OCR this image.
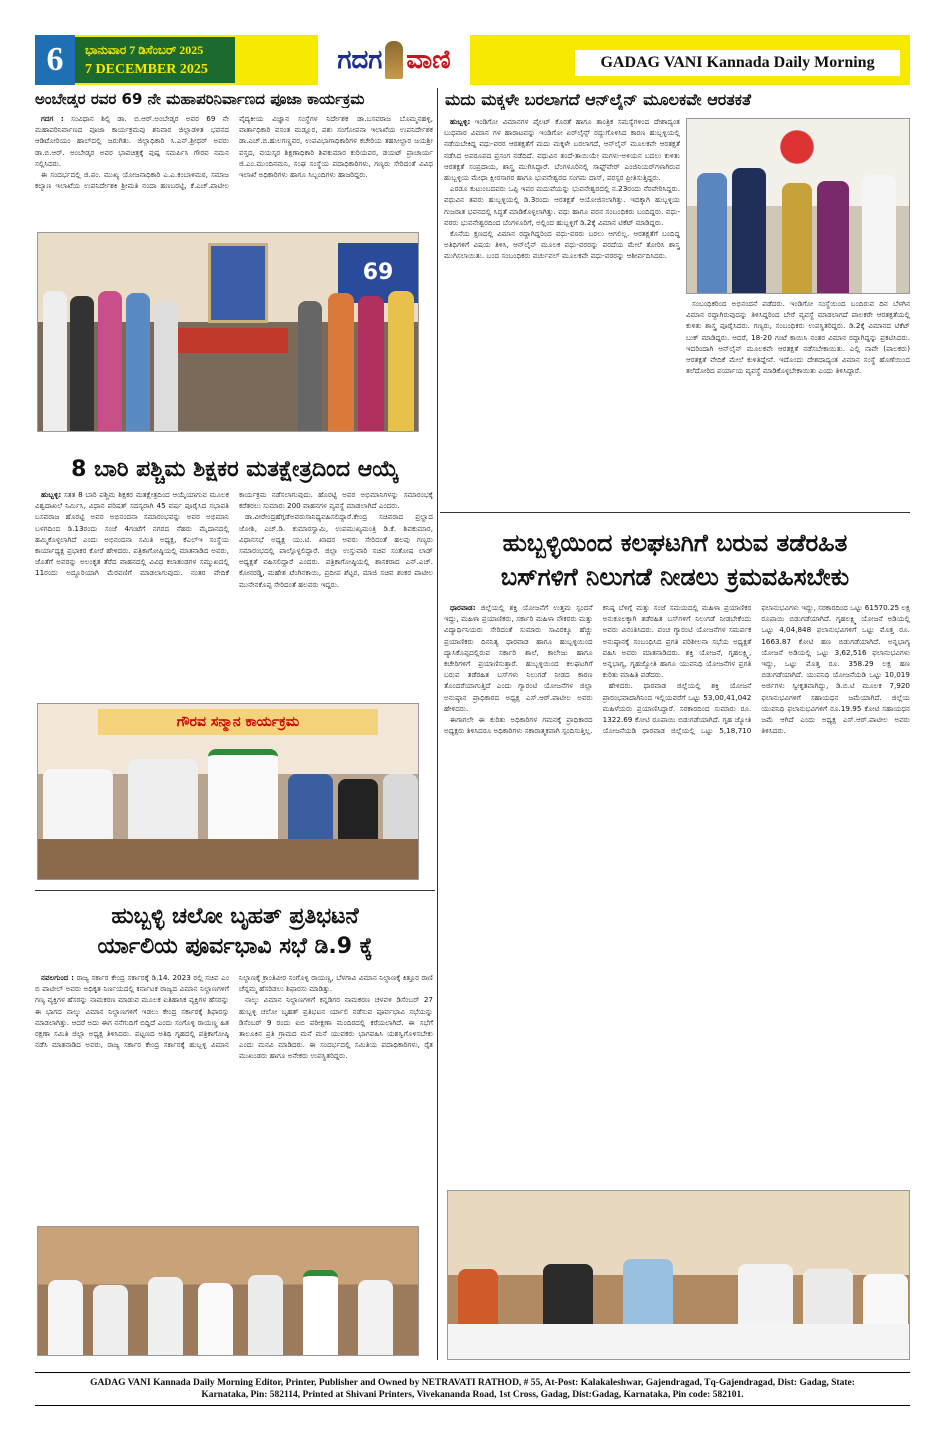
6	ಭಾನುವಾರ 7 ಡಿಸೆಂಬರ್ 2025
7 DECEMBER 2025	ಗದಗ ವಾಣಿ	GADAG VANI Kannada Daily Morning
ಅಂಬೇಡ್ಕರ ರವರ 69 ನೇ ಮಹಾಪರಿನಿರ್ವಾಣದ ಪೂಜಾ ಕಾರ್ಯಕ್ರಮ

ಗದಗ : ಸಂವಿಧಾನ ಶಿಲ್ಪಿ ಡಾ. ಬಿ.ಆರ್.ಅಂಬೇಡ್ಕರ ಅವರ 69 ನೇ ಮಹಾಪರಿನಿರ್ವಾಣದ ಪೂಜಾ ಕಾರ್ಯಕ್ರಮವು ಶನಿವಾರ ಜಿಲ್ಲಾಡಳಿತ ಭವನದ ಆಡಿಟೋರಿಯಂ ಹಾಲ್‌ದಲ್ಲಿ ಜರುಗಿತು. ಜಿಲ್ಲಾಧಿಕಾರಿ ಸಿ.ಎನ್.ಶ್ರೀಧರ್ ಅವರು ಡಾ.ಬಿ.ಆರ್. ಅಂಬೇಡ್ಕರ ಅವರ ಭಾವಚಿತ್ರಕ್ಕೆ ಪುಷ್ಪ ಸಮರ್ಪಿಸಿ ಗೌರವ ನಮನ ಸಲ್ಲಿಸಿದರು.

ಈ ಸಂದರ್ಭದಲ್ಲಿ ಜಿ.ಪಂ. ಮುಖ್ಯ ಯೋಜನಾಧಿಕಾರಿ ಎ.ಎ.ಕಂಬಾಳಿಮಠ, ಸಮಾಜ ಕಲ್ಯಾಣ ಇಲಾಖೆಯ ಉಪನಿರ್ದೇಶಕಿ ಶ್ರೀಮತಿ ನಂದಾ ಹಣಬರಟ್ಟಿ, ಕೆ.ಎಚ್.ಪಾಟೀಲ ವೈದ್ಯಕೀಯ ವಿಜ್ಞಾನ ಸಂಸ್ಥೆಗಳ ನಿರ್ದೇಶಕ ಡಾ.ಬಸವರಾಜ ಬೊಮ್ಮನಹಳ್ಳಿ, ವಾರ್ತಾಧಿಕಾರಿ ವಸಂತ ಮಡ್ಲೂರ, ಪಶು ಸಂಗೋಪನಾ ಇಲಾಖೆಯ ಉಪನಿರ್ದೇಶಕ ಡಾ.ಎಚ್.ಬಿ.ಹುಲಗಣ್ಣವರ, ಉಪವಿಭಾಗಾಧಿಕಾರಿಗಳ ಕಚೇರಿಯ ತಹಸೀಲ್ದಾರ ಜಯಶ್ರೀ ವಸ್ತದ, ವಯಸ್ಕರ ಶಿಕ್ಷಣಾಧಿಕಾರಿ ಶಿವಕುಮಾರ ಕುರಿಯವರ, ಡಯಟ್ ಪ್ರಾಚಾರ್ಯ ಜಿ.ಎಂ.ಮುಂದಿನಮನಿ, ಸಂಘ ಸಂಸ್ಥೆಯ ಪದಾಧಿಕಾರಿಗಳು, ಗಣ್ಯರು ಸೇರಿದಂತೆ ವಿವಿಧ ಇಲಾಖೆ ಅಧಿಕಾರಿಗಳು ಹಾಗೂ ಸಿಬ್ಬಂದಿಗಳು ಹಾಜರಿದ್ದರು.

69
8 ಬಾರಿ ಪಶ್ಚಿಮ ಶಿಕ್ಷಕರ ಮತಕ್ಷೇತ್ರದಿಂದ ಆಯ್ಕೆ

ಹುಬ್ಬಳ್ಳಿ: ಸತತ 8 ಬಾರಿ ಪಶ್ಚಿಮ ಶಿಕ್ಷಕರ ಮತಕ್ಷೇತ್ರದಿಂದ ಆಯ್ಕೆಯಾಗುವ ಮೂಲಕ ವಿಶ್ವದಾಖಲೆ ನಿರ್ಮಿಸಿ, ವಿಧಾನ ಪರಿಷತ್ ಸದಸ್ಯರಾಗಿ 45 ವರ್ಷ ಪೂರೈಸಿದ ಸಭಾಪತಿ ಬಸವರಾಜ ಹೊರಟ್ಟಿ ಅವರ ಅಭಿನಂದನಾ ಸಮಾರಂಭವನ್ನು ಅವರ ಅಭಿಮಾನಿ ಬಳಗದಿಂದ ಡಿ.13ರಂದು ಸಂಜೆ 4ಗಂಟೆಗೆ ನಗರದ ನೆಹರು ಮೈದಾನದಲ್ಲಿ ಹಮ್ಮಿಕೊಳ್ಳಲಾಗಿದೆ ಎಂದು ಅಭಿನಂದನಾ ಸಮಿತಿ ಅಧ್ಯಕ್ಷ, ಕೆಎಲ್‌ಇ ಸಂಸ್ಥೆಯ ಕಾರ್ಯಾಧ್ಯಕ್ಷ ಪ್ರಭಾಕರ ಕೋರೆ ಹೇಳಿದರು. ಪತ್ರಿಕಾಗೋಷ್ಠಿಯಲ್ಲಿ ಮಾತನಾಡಿದ ಅವರು, ಜೊತೆಗೆ ಅವರನ್ನು ಅಲಂಕೃತ ತೆರೆದ ವಾಹನದಲ್ಲಿ ವಿವಿಧ ಕಲಾತಂಡಗಳ ಸಮ್ಮುಖದಲ್ಲಿ 11ರಂದು ಅದ್ದೂರಿಯಾಗಿ ಮೆರವಣಿಗೆ ಮಾಡಲಾಗುವುದು. ನಂತರ ವೇದಿಕೆ ಕಾರ್ಯಕ್ರಮ ನಡೆಸಲಾಗುವುದು. ಹೊರಟ್ಟಿ ಅವರ ಅಭಿಮಾನಿಗಳನ್ನು ಸಮಾರಂಭಕ್ಕೆ ಕರೆತರಲು ಸುಮಾರು 200 ವಾಹನಗಳ ವ್ಯವಸ್ಥೆ ಮಾಡಲಾಗಿದೆ ಎಂದರು.

ಡಾ.ವೀರೇಂದ್ರಹೆಗ್ಗಡೆಅವರುಸಾನಿಧ್ಯವಹಿಸಲಿದ್ದಾರೆ.ಕೇಂದ್ರ ಸಚಿವರಾದ ಪ್ರಲ್ಹಾದ ಜೋಶಿ, ಎಚ್.ಡಿ. ಕುಮಾರಸ್ವಾಮಿ, ಉಪಮುಖ್ಯಮಂತ್ರಿ ಡಿ.ಕೆ. ಶಿವಕುಮಾರ, ವಿಧಾನಸಭೆ ಅಧ್ಯಕ್ಷ ಯು.ಟಿ. ಖಾದರ ಅವರು ಸೇರಿದಂತೆ ಹಲವು ಗಣ್ಯರು ಸಮಾರಂಭದಲ್ಲಿ ಪಾಲ್ಗೊಳ್ಳಲಿದ್ದಾರೆ. ಜಿಲ್ಲಾ ಉಸ್ತುವಾರಿ ಸಚಿವ ಸಂತೋಷ ಲಾಡ್ ಅಧ್ಯಕ್ಷತೆ ವಹಿಸಲಿದ್ದಾರೆ ಎಂದರು. ಪತ್ರಿಕಾಗೋಷ್ಠಿಯಲ್ಲಿ ಶಾಸಕರಾದ ಎನ್.ಎಚ್. ಕೋನರಡ್ಡಿ, ಮಹೇಶ ಟೆಂಗಿನಕಾಯಿ, ಪ್ರದೀಪ ಶೆಟ್ಟರ, ಮಾಜಿ ಸಚಿವ ಶಂಕರ ಪಾಟೀಲ ಮುನೇನಕೊಪ್ಪ ಸೇರಿದಂತೆ ಹಲವರು ಇದ್ದರು.

ಗೌರವ ಸನ್ಮಾನ ಕಾರ್ಯಕ್ರಮ
ಹುಬ್ಬಳ್ಳಿ ಚಲೋ ಬೃಹತ್ ಪ್ರತಿಭಟನೆ
ರ್ಯಾಲಿಯ ಪೂರ್ವಭಾವಿ ಸಭೆ ಡಿ.9 ಕ್ಕೆ

ನವಲಗುಂದ : ರಾಜ್ಯ ಸರ್ಕಾರ ಕೇಂದ್ರ ಸರ್ಕಾರಕ್ಕೆ ಡಿ.14. 2023 ರಲ್ಲಿ ಸಚಿವ ಎಂ ಬಿ ಪಾಟೀಲ್ ಅವರು ಅಧಿಕೃತ ನಿರ್ಣಯದಲ್ಲಿ ಕರ್ನಾಟಕ ರಾಜ್ಯದ ವಿಮಾನ ನಿಲ್ದಾಣಗಳಿಗೆ ಗಣ್ಯ ವ್ಯಕ್ತಿಗಳ ಹೆಸರನ್ನು ನಾಮಕರಣ ಮಾಡುವ ಮೂಲಕ ಐತಿಹಾಸಿಕ ವ್ಯಕ್ತಿಗಳ ಹೆಸರನ್ನು ಈ ಭಾಗದ ನಾಲ್ಕು ವಿಮಾನ ನಿಲ್ದಾಣಗಳಿಗೆ ಇಡಲು ಕೇಂದ್ರ ಸರ್ಕಾರಕ್ಕೆ ಶಿಫಾರಸ್ಸು ಮಾಡಲಾಗಿತ್ತು. ಆದರೆ ಅದು ಈಗ ನನೆಗುದಿಗೆ ಬಿದ್ದಿದೆ ಎಂದು ಸಂಗೊಳ್ಳಿ ರಾಯಣ್ಣ ಹಿತ ರಕ್ಷಣಾ ಸಮಿತಿ ಜಿಲ್ಲಾ ಅಧ್ಯಕ್ಷ ತಿಳಿಸಿದರು. ಪಟ್ಟಣದ ಅತಿಥಿ ಗೃಹದಲ್ಲಿ ಪತ್ರಿಕಾಗೋಷ್ಠಿ ನಡೆಸಿ ಮಾತನಾಡಿದ ಅವರು, ರಾಜ್ಯ ಸರ್ಕಾರ ಕೇಂದ್ರ ಸರ್ಕಾರಕ್ಕೆ ಹುಬ್ಬಳ್ಳಿ ವಿಮಾನ ನಿಲ್ದಾಣಕ್ಕೆ ಕ್ರಾಂತಿವೀರ ಸಂಗೊಳ್ಳಿ ರಾಯಣ್ಣ, ಬೆಳಗಾವಿ ವಿಮಾನ ನಿಲ್ದಾಣಕ್ಕೆ ಕಿತ್ತೂರ ರಾಣಿ ಚೆನ್ನಮ್ಮ ಹೆಸರಿಡಲು ಶಿಫಾರಸು ಮಾಡಿತ್ತು.

ನಾಲ್ಕು ವಿಮಾನ ನಿಲ್ದಾಣಗಳಿಗೆ ಕನ್ನಡಿಗರ ನಾಮಕರಣ ಚಳವಳಿ ಡಿಸೆಂಬರ್ 27 ಹುಬ್ಬಳ್ಳಿ ಚಲೋ ಬೃಹತ್ ಪ್ರತಿಭಟನ ರ್ಯಾಲಿ ನಡೆಸುವ ಪೂರ್ವಭಾವಿ ಸಭೆಯನ್ನು ಡಿಸೆಂಬರ್ 9 ರಂದು ಐಬಿ ಪರೀಕ್ಷಣಾ ಮಂದಿರದಲ್ಲಿ ಕರೆಯಲಾಗಿದೆ. ಈ ಸಭೆಗೆ ತಾಲೂಕಿನ ಪ್ರತಿ ಗ್ರಾಮದ ಮನೆ ಮನೆ ಯುವಕರು ಭಾಗವಹಿಸಿ ಯಶಸ್ವಿಗೊಳಿಸಬೇಕು ಎಂದು ಮನವಿ ಮಾಡಿದರು. ಈ ಸಂದರ್ಭದಲ್ಲಿ ಸಮಿತಿಯ ಪದಾಧಿಕಾರಿಗಳು, ರೈತ ಮುಖಂಡರು ಹಾಗೂ ಅನೇಕರು ಉಪಸ್ಥಿತರಿದ್ದರು.

ಮದು ಮಕ್ಕಳೇ ಬರಲಾಗದೆ ಆನ್‌ಲೈನ್ ಮೂಲಕವೇ ಆರತಕತೆ

ಹುಬ್ಬಳ್ಳಿ: ಇಂಡಿಗೋ ವಿಮಾನಗಳ ಪೈಲಟ್ ಕೊರತೆ ಹಾಗೂ ತಾಂತ್ರಿಕ ಸಮಸ್ಯೆಗಳಿಂದ ದೇಶಾದ್ಯಂತ ಬುಧವಾರ ವಿಮಾನ ಗಳ ಹಾರಾಟವನ್ನು ಇಂಡಿಗೋ ಏರ್‌ಲೈನ್ಸ್ ರದ್ದುಗೊಳಿಸಿದ ಕಾರಣ ಹುಬ್ಬಳ್ಳಿಯಲ್ಲಿ ನಡೆಯಬೇಕಿದ್ದ ವಧು-ವರರ ಆರತಕ್ಷತೆಗೆ ಮದು ಮಕ್ಕಳೇ ಬರಲಾಗದೆ, ಆನ್‌ಲೈನ್ ಮೂಲಕವೇ ಆರತಕ್ಷತೆ ನಡೆಸಿದ ಅಪರೂಪದ ಪ್ರಸಂಗ ನಡೆದಿದೆ. ವಧುವಿನ ತಂದೆ-ತಾಯಿಯೇ ಮಗಳು-ಅಳಿಯನ ಬದಲು ಕುಳಿತು ಆರತಕ್ಷತೆ ಸಂಪ್ರದಾಯ, ಶಾಸ್ತ್ರ ಮುಗಿಸಿದ್ದಾರೆ. ಬೆಂಗಳೂರಿನಲ್ಲಿ ಸಾಫ್ಟ್‌ವೇರ್ ಎಂಜಿನಿಯರ್‌ಗಳಾಗಿರುವ ಹುಬ್ಬಳ್ಳಿಯ ಮೇಧಾ ಕ್ಷೀರಸಾಗರ ಹಾಗೂ ಭುವನೇಶ್ವರದ ಸಂಗಮ ದಾಸ್, ಪರಸ್ಪರ ಪ್ರೀತಿಸುತ್ತಿದ್ದರು.

ಎರಡೂ ಕುಟುಂಬದವರು ಒಪ್ಪಿ ಇವರ ಮದುವೆಯನ್ನು ಭುವನೇಶ್ವರದಲ್ಲಿ ನ.23ರಂದು ನೆರವೇರಿಸಿದ್ದರು. ವಧುವಿನ ತವರು ಹುಬ್ಬಳ್ಳಿಯಲ್ಲಿ ಡಿ.3ರಂದು ಆರತಕ್ಷತೆ ಆಯೋಜಿಸಲಾಗಿತ್ತು. ಇದಕ್ಕಾಗಿ ಹುಬ್ಬಳ್ಳಿಯ ಗುಜರಾತ ಭವನದಲ್ಲಿ ಸಿದ್ಧತೆ ಮಾಡಿಕೊಳ್ಳಲಾಗಿತ್ತು. ವಧು ಹಾಗೂ ವರನ ಸಂಬಂಧಿಕರು ಬಂದಿದ್ದರು. ವಧು-ವರರು ಭುವನೇಶ್ವರದಿಂದ ಬೆಂಗಳೂರಿಗೆ, ಅಲ್ಲಿಂದ ಹುಬ್ಬಳ್ಳಿಗೆ ಡಿ.2ಕ್ಕೆ ವಿಮಾನ ಟಿಕೆಟ್ ಮಾಡಿದ್ದರು.

ಕೊನೆಯ ಕ್ಷಣದಲ್ಲಿ ವಿಮಾನ ರದ್ದಾಗಿದ್ದರಿಂದ ವಧು-ವರರು ಬರಲು ಆಗಲಿಲ್ಲ. ಆರತಕ್ಷತೆಗೆ ಬಂದಿದ್ದ ಅತಿಥಿಗಳಿಗೆ ವಿಷಯ ತಿಳಿಸಿ, ಆನ್‌ಲೈನ್ ಮೂಲಕ ವಧು-ವರರನ್ನು ಪರದೆಯ ಮೇಲೆ ತೋರಿಸಿ ಶಾಸ್ತ್ರ ಮುಗಿಸಲಾಯಿತು. ಬಂದ ಸಂಬಂಧಿಕರು ವರ್ಚುವಲ್ ಮೂಲಕವೇ ವಧು-ವರರನ್ನು ಆಶೀರ್ವದಿಸಿದರು.

ಸಂಬಂಧಿಕರಿಂದ ಅಭಿನಂದನೆ ಪಡೆದರು. ಇಂಡಿಗೋ ಸಂಸ್ಥೆಯಿಂದ ಬಂದಿರುವ ದಿನ ಬೆಳಗಿನ ವಿಮಾನ ರದ್ದಾಗಿರುವುದನ್ನು ತಿಳಿಸಿದ್ದರಿಂದ ಬೇರೆ ವ್ಯವಸ್ಥೆ ಮಾಡಲಾಗದೆ ಪಾಲಕರೇ ಆರತಕ್ಷತೆಯಲ್ಲಿ ಕುಳಿತು ಶಾಸ್ತ್ರ ಪೂರೈಸಿದರು. ಗಣ್ಯರು, ಸಂಬಂಧಿಕರು ಉಪಸ್ಥಿತರಿದ್ದರು. ಡಿ.2ಕ್ಕೆ ವಿಮಾನದ ಟಿಕೆಟ್ ಬುಕ್ ಮಾಡಿದ್ದರು. ಆದರೆ, 18-20 ಗಂಟೆ ಕಾಯಿಸಿ ನಂತರ ವಿಮಾನ ರದ್ದಾಗಿದ್ದನ್ನು ಪ್ರಕಟಿಸಿದರು. ಇದರಿಂದಾಗಿ ಆನ್‌ಲೈನ್ ಮೂಲಕವೇ ಆರತಕ್ಷತೆ ನಡೆಸಬೇಕಾಯಿತು. ಎಲ್ಲಿ ನಾವೇ (ಪಾಲಕರು) ಆರತಕ್ಷತೆ ವೇದಿಕೆ ಮೇಲೆ ಕುಳಿತಿದ್ದೇವೆ. ಇದೊಂದು ದೇಶದಾದ್ಯಂತ ವಿಮಾನ ಸಂಸ್ಥೆ ಹೊಣೆಯಿಂದ ತಲೆದೋರಿದ ಪರ್ಯಾಯ ವ್ಯವಸ್ಥೆ ಮಾಡಿಕೊಳ್ಳಬೇಕಾಯಿತು ಎಂದು ತಿಳಿಸಿದ್ದಾರೆ.

ಹುಬ್ಬಳ್ಳಿಯಿಂದ ಕಲಘಟಗಿಗೆ ಬರುವ ತಡೆರಹಿತ
ಬಸ್‌ಗಳಿಗೆ ನಿಲುಗಡೆ ನೀಡಲು ಕ್ರಮವಹಿಸಬೇಕು

ಧಾರವಾಡ: ಜಿಲ್ಲೆಯಲ್ಲಿ ಶಕ್ತಿ ಯೋಜನೆಗೆ ಉತ್ತಮ ಸ್ಪಂದನೆ ಇದ್ದು, ಮಹಿಳಾ ಪ್ರಯಾಣಿಕರು, ಸರ್ಕಾರಿ ಮಹಿಳಾ ನೌಕರರು ಮತ್ತು ವಿದ್ಯಾರ್ಥಿನಿಯರು ಸೇರಿದಂತೆ ಸುಮಾರು ಸಾವಿರಕ್ಕೂ ಹೆಚ್ಚು ಪ್ರಯಾಣಿಕರು ದಿನನಿತ್ಯ ಧಾರವಾಡ ಹಾಗೂ ಹುಬ್ಬಳ್ಳಿಯಿಂದ ದ್ಯಾಸಿಕೊಪ್ಪದಲ್ಲಿರುವ ಸರ್ಕಾರಿ ಶಾಲೆ, ಕಾಲೇಜು ಹಾಗೂ ಕಚೇರಿಗಳಿಗೆ ಪ್ರಯಾಣಿಸುತ್ತಾರೆ. ಹುಬ್ಬಳ್ಳಿಯಿಂದ ಕಲಘಟಗಿಗೆ ಬರುವ ತಡೆರಹಿತ ಬಸ್‌ಗಳು ನಿಲುಗಡೆ ನೀಡದ ಕಾರಣ ತೊಂದರೆಯಾಗುತ್ತಿದೆ ಎಂದು ಗ್ಯಾರಂಟಿ ಯೋಜನೆಗಳ ಜಿಲ್ಲಾ ಅನುಷ್ಠಾನ ಪ್ರಾಧಿಕಾರದ ಅಧ್ಯಕ್ಷ ಎಸ್.ಆರ್.ಪಾಟೀಲ ಅವರು ಹೇಳಿದರು.

ಈಗಾಗಲೇ ಈ ಕುರಿತು ಅಧಿಕಾರಿಗಳ ಗಮನಕ್ಕೆ ಪ್ರಾಧಿಕಾರದ ಅಧ್ಯಕ್ಷರು ತಿಳಿಸಿದರೂ ಅಧಿಕಾರಿಗಳು ಸಕಾರಾತ್ಮಕವಾಗಿ ಸ್ಪಂದಿಸುತ್ತಿಲ್ಲ. ಕನಿಷ್ಠ ಬೆಳಿಗ್ಗೆ ಮತ್ತು ಸಂಜೆ ಸಮಯದಲ್ಲಿ ಮಹಿಳಾ ಪ್ರಯಾಣಿಕರ ಅನುಕೂಲಕ್ಕಾಗಿ ತಡೆರಹಿತ ಬಸ್‌ಗಳಿಗೆ ನಿಲುಗಡೆ ನೀಡಬೇಕೆಂದು ಅವರು ವಿನಂತಿಸಿದರು. ಪಂಚ ಗ್ಯಾರಂಟಿ ಯೋಜನೆಗಳ ಸಮರ್ಪಕ ಅನುಷ್ಠಾನಕ್ಕೆ ಸಂಬಂಧಿಸಿದ ಪ್ರಗತಿ ಪರಿಶೀಲನಾ ಸಭೆಯ ಅಧ್ಯಕ್ಷತೆ ವಹಿಸಿ ಅವರು ಮಾತನಾಡಿದರು. ಶಕ್ತಿ ಯೋಜನೆ, ಗೃಹಲಕ್ಷ್ಮಿ, ಅನ್ನಭಾಗ್ಯ, ಗೃಹಜ್ಯೋತಿ ಹಾಗೂ ಯುವನಿಧಿ ಯೋಜನೆಗಳ ಪ್ರಗತಿ ಕುರಿತು ಮಾಹಿತಿ ಪಡೆದರು.

ಹೇಳಿದರು. ಧಾರವಾಡ ಜಿಲ್ಲೆಯಲ್ಲಿ ಶಕ್ತಿ ಯೋಜನೆ ಪ್ರಾರಂಭವಾದಾಗಿನಿಂದ ಇಲ್ಲಿಯವರೆಗೆ ಒಟ್ಟು 53,00,41,042 ಮಹಿಳೆಯರು ಪ್ರಯಾಣಿಸಿದ್ದಾರೆ. ಸರಕಾರದಿಂದ ಸುಮಾರು ರೂ. 1322.69 ಕೋಟಿ ರೂಪಾಯಿ ಬಿಡುಗಡೆಯಾಗಿದೆ. ಗೃಹ ಜ್ಯೋತಿ ಯೋಜನೆಯಡಿ ಧಾರವಾಡ ಜಿಲ್ಲೆಯಲ್ಲಿ ಒಟ್ಟು 5,18,710 ಫಲಾನುಭವಿಗಳು ಇದ್ದು, ಸರಕಾರದಿಂದ ಒಟ್ಟು 61570.25 ಲಕ್ಷ ರೂಪಾಯಿ ಬಿಡುಗಡೆಯಾಗಿದೆ. ಗೃಹಲಕ್ಷ್ಮಿ ಯೋಜನೆ ಅಡಿಯಲ್ಲಿ ಒಟ್ಟು 4,04,848 ಫಲಾನುಭವಿಗಳಿಗೆ ಒಟ್ಟು ಮೊತ್ತ ರೂ. 1663.87 ಕೋಟಿ ಹಣ ಬಿಡುಗಡೆಯಾಗಿದೆ. ಅನ್ನಭಾಗ್ಯ ಯೋಜನೆ ಅಡಿಯಲ್ಲಿ ಒಟ್ಟು 3,62,516 ಫಲಾನುಭವಿಗಳು ಇದ್ದು, ಒಟ್ಟು ಮೊತ್ತ ರೂ. 358.29 ಲಕ್ಷ ಹಣ ಬಿಡುಗಡೆಯಾಗಿದೆ. ಯುವನಿಧಿ ಯೋಜನೆಯಡಿ ಒಟ್ಟು 10,019 ಅರ್ಜಿಗಳು ಸ್ವೀಕೃತವಾಗಿದ್ದು, ಡಿ.ಬಿ.ಟಿ ಮೂಲಕ 7,920 ಫಲಾನುಭವಿಗಳಿಗೆ ಸಹಾಯಧನ ಜಮೆಯಾಗಿದೆ. ಜಿಲ್ಲೆಯ ಯುವನಿಧಿ ಫಲಾನುಭವಿಗಳಿಗೆ ರೂ.19.95 ಕೋಟಿ ಸಹಾಯಧನ ಜಮೆ ಆಗಿದೆ ಎಂದು ಅಧ್ಯಕ್ಷ ಎಸ್.ಆರ್.ಪಾಟೀಲ ಅವರು ತಿಳಿಸಿದರು.

GADAG VANI Kannada Daily Morning Editor, Printer, Publisher and Owned by NETRAVATI RATHOD, # 55, At-Post: Kalakaleshwar, Gajendragad, Tq-Gajendragad, Dist: Gadag, State:
Karnataka, Pin: 582114, Printed at Shivani Printers, Vivekananda Road, 1st Cross, Gadag, Dist:Gadag, Karnataka, Pin code: 582101.
